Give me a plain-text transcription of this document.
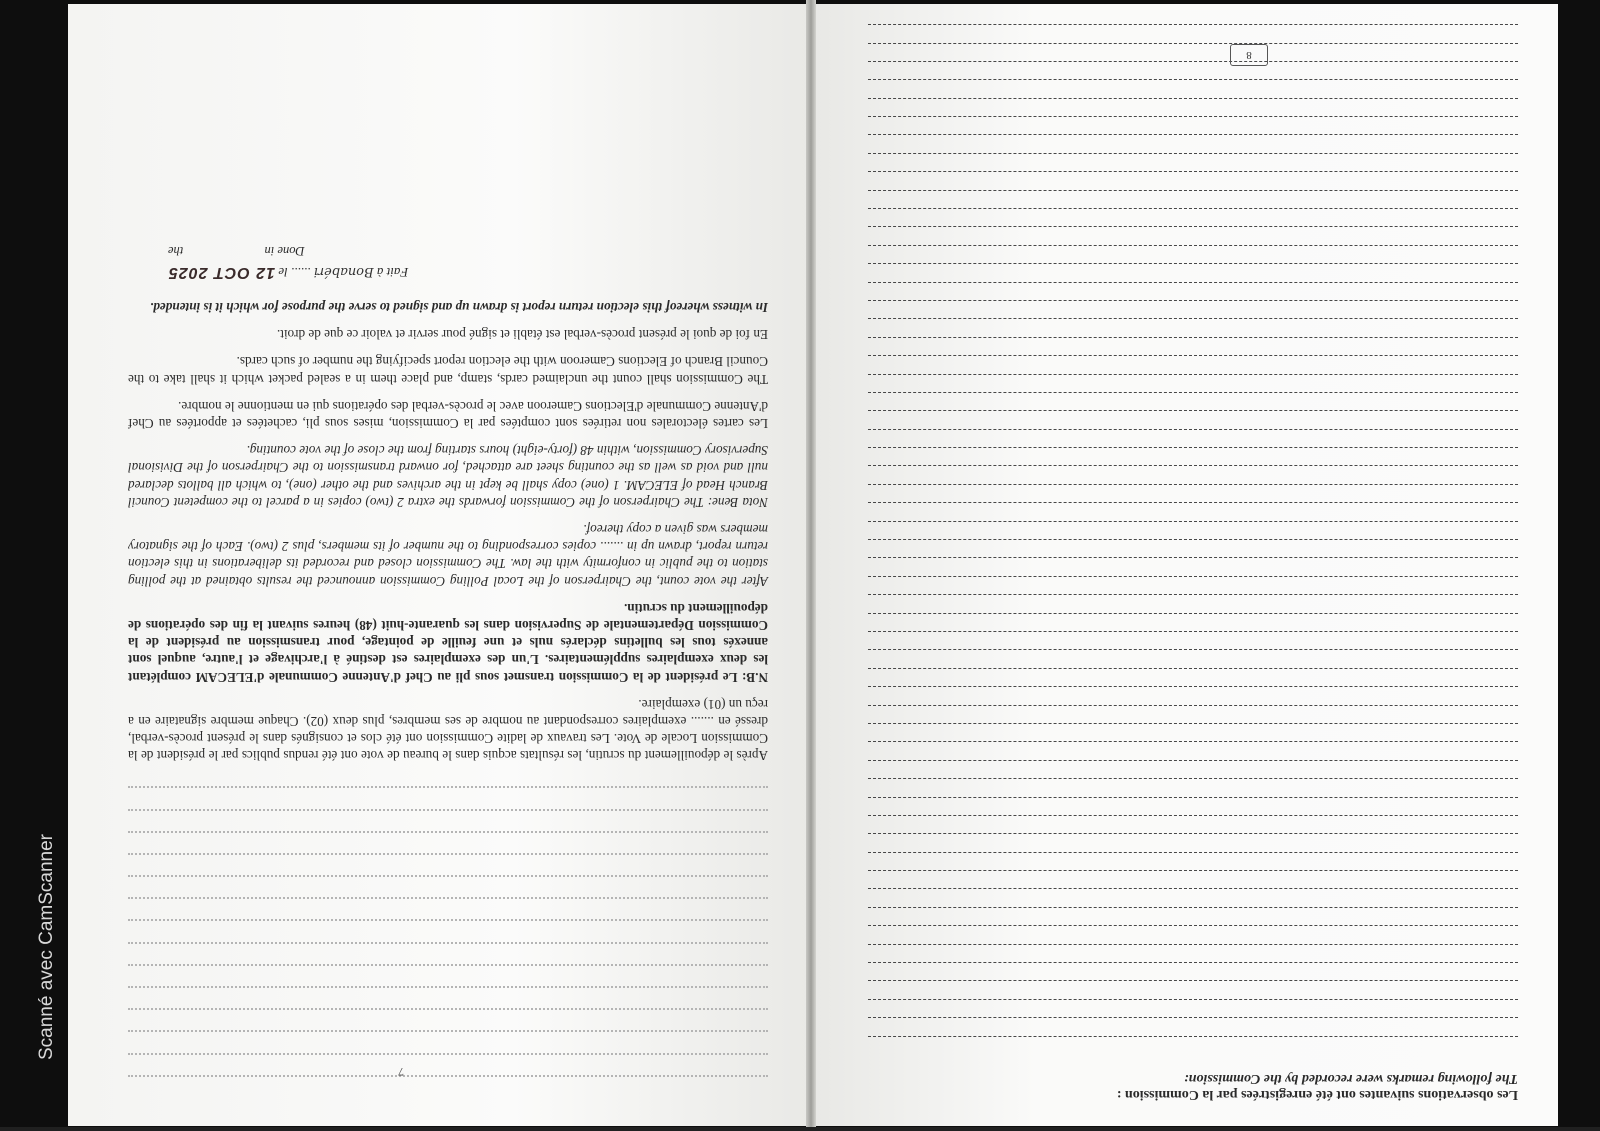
Après le dépouillement du scrutin, les résultats acquis dans le bureau de vote ont été rendus publics par le président de la Commission Locale de Vote. Les travaux de ladite Commission ont été clos et consignés dans le présent procès-verbal, dressé en ....... exemplaires correspondant au nombre de ses membres, plus deux (02). Chaque membre signataire en a reçu un (01) exemplaire.

N.B: Le président de la Commission transmet sous pli au Chef d'Antenne Communale d'ELECAM complétant les deux exemplaires supplémentaires. L'un des exemplaires est destiné à l'archivage et l'autre, auquel sont annexés tous les bulletins déclarés nuls et une feuille de pointage, pour transmission au président de la Commission Départementale de Supervision dans les quarante-huit (48) heures suivant la fin des opérations de dépouillement du scrutin.

After the vote count, the Chairperson of the Local Polling Commission announced the results obtained at the polling station to the public in conformity with the law. The Commission closed and recorded its deliberations in this election return report, drawn up in ....... copies corresponding to the number of its members, plus 2 (two). Each of the signatory members was given a copy thereof.

Nota Bene: The Chairperson of the Commission forwards the extra 2 (two) copies in a parcel to the competent Council Branch Head of ELECAM. 1 (one) copy shall be kept in the archives and the other (one), to which all ballots declared null and void as well as the counting sheet are attached, for onward transmission to the Chairperson of the Divisional Supervisory Commission, within 48 (forty-eight) hours starting from the close of the vote counting.

Les cartes électorales non retirées sont comptées par la Commission, mises sous pli, cachetées et apportées au Chef d'Antenne Communale d'Elections Cameroon avec le procès-verbal des opérations qui en mentionne le nombre.

The Commission shall count the unclaimed cards, stamp, and place them in a sealed packet which it shall take to the Council Branch of Elections Cameroon with the election report specifying the number of such cards.

En foi de quoi le présent procès-verbal est établi et signé pour servir et valoir ce que de droit.

In witness whereof this election return report is drawn up and signed to serve the purpose for which it is intended.

Fait à Bonabéri ...... le 12 OCT 2025
Done in                          the
7

Les observations suivantes ont été enregistrées par la Commission :

The following remarks were recorded by the Commission:

8
Scanné avec CamScanner
